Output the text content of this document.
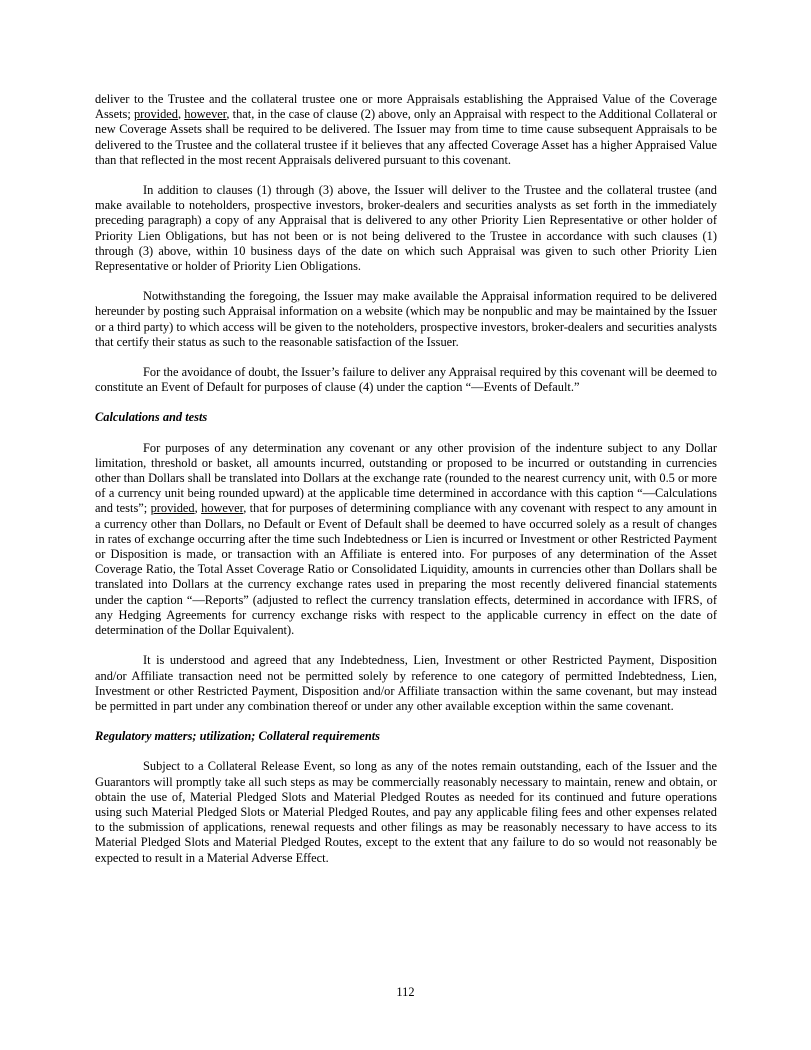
deliver to the Trustee and the collateral trustee one or more Appraisals establishing the Appraised Value of the Coverage Assets; provided, however, that, in the case of clause (2) above, only an Appraisal with respect to the Additional Collateral or new Coverage Assets shall be required to be delivered. The Issuer may from time to time cause subsequent Appraisals to be delivered to the Trustee and the collateral trustee if it believes that any affected Coverage Asset has a higher Appraised Value than that reflected in the most recent Appraisals delivered pursuant to this covenant.

In addition to clauses (1) through (3) above, the Issuer will deliver to the Trustee and the collateral trustee (and make available to noteholders, prospective investors, broker-dealers and securities analysts as set forth in the immediately preceding paragraph) a copy of any Appraisal that is delivered to any other Priority Lien Representative or other holder of Priority Lien Obligations, but has not been or is not being delivered to the Trustee in accordance with such clauses (1) through (3) above, within 10 business days of the date on which such Appraisal was given to such other Priority Lien Representative or holder of Priority Lien Obligations.

Notwithstanding the foregoing, the Issuer may make available the Appraisal information required to be delivered hereunder by posting such Appraisal information on a website (which may be nonpublic and may be maintained by the Issuer or a third party) to which access will be given to the noteholders, prospective investors, broker-dealers and securities analysts that certify their status as such to the reasonable satisfaction of the Issuer.

For the avoidance of doubt, the Issuer’s failure to deliver any Appraisal required by this covenant will be deemed to constitute an Event of Default for purposes of clause (4) under the caption “—Events of Default.”

Calculations and tests

For purposes of any determination any covenant or any other provision of the indenture subject to any Dollar limitation, threshold or basket, all amounts incurred, outstanding or proposed to be incurred or outstanding in currencies other than Dollars shall be translated into Dollars at the exchange rate (rounded to the nearest currency unit, with 0.5 or more of a currency unit being rounded upward) at the applicable time determined in accordance with this caption “—Calculations and tests”; provided, however, that for purposes of determining compliance with any covenant with respect to any amount in a currency other than Dollars, no Default or Event of Default shall be deemed to have occurred solely as a result of changes in rates of exchange occurring after the time such Indebtedness or Lien is incurred or Investment or other Restricted Payment or Disposition is made, or transaction with an Affiliate is entered into. For purposes of any determination of the Asset Coverage Ratio, the Total Asset Coverage Ratio or Consolidated Liquidity, amounts in currencies other than Dollars shall be translated into Dollars at the currency exchange rates used in preparing the most recently delivered financial statements under the caption “—Reports” (adjusted to reflect the currency translation effects, determined in accordance with IFRS, of any Hedging Agreements for currency exchange risks with respect to the applicable currency in effect on the date of determination of the Dollar Equivalent).

It is understood and agreed that any Indebtedness, Lien, Investment or other Restricted Payment, Disposition and/or Affiliate transaction need not be permitted solely by reference to one category of permitted Indebtedness, Lien, Investment or other Restricted Payment, Disposition and/or Affiliate transaction within the same covenant, but may instead be permitted in part under any combination thereof or under any other available exception within the same covenant.

Regulatory matters; utilization; Collateral requirements

Subject to a Collateral Release Event, so long as any of the notes remain outstanding, each of the Issuer and the Guarantors will promptly take all such steps as may be commercially reasonably necessary to maintain, renew and obtain, or obtain the use of, Material Pledged Slots and Material Pledged Routes as needed for its continued and future operations using such Material Pledged Slots or Material Pledged Routes, and pay any applicable filing fees and other expenses related to the submission of applications, renewal requests and other filings as may be reasonably necessary to have access to its Material Pledged Slots and Material Pledged Routes, except to the extent that any failure to do so would not reasonably be expected to result in a Material Adverse Effect.

112
